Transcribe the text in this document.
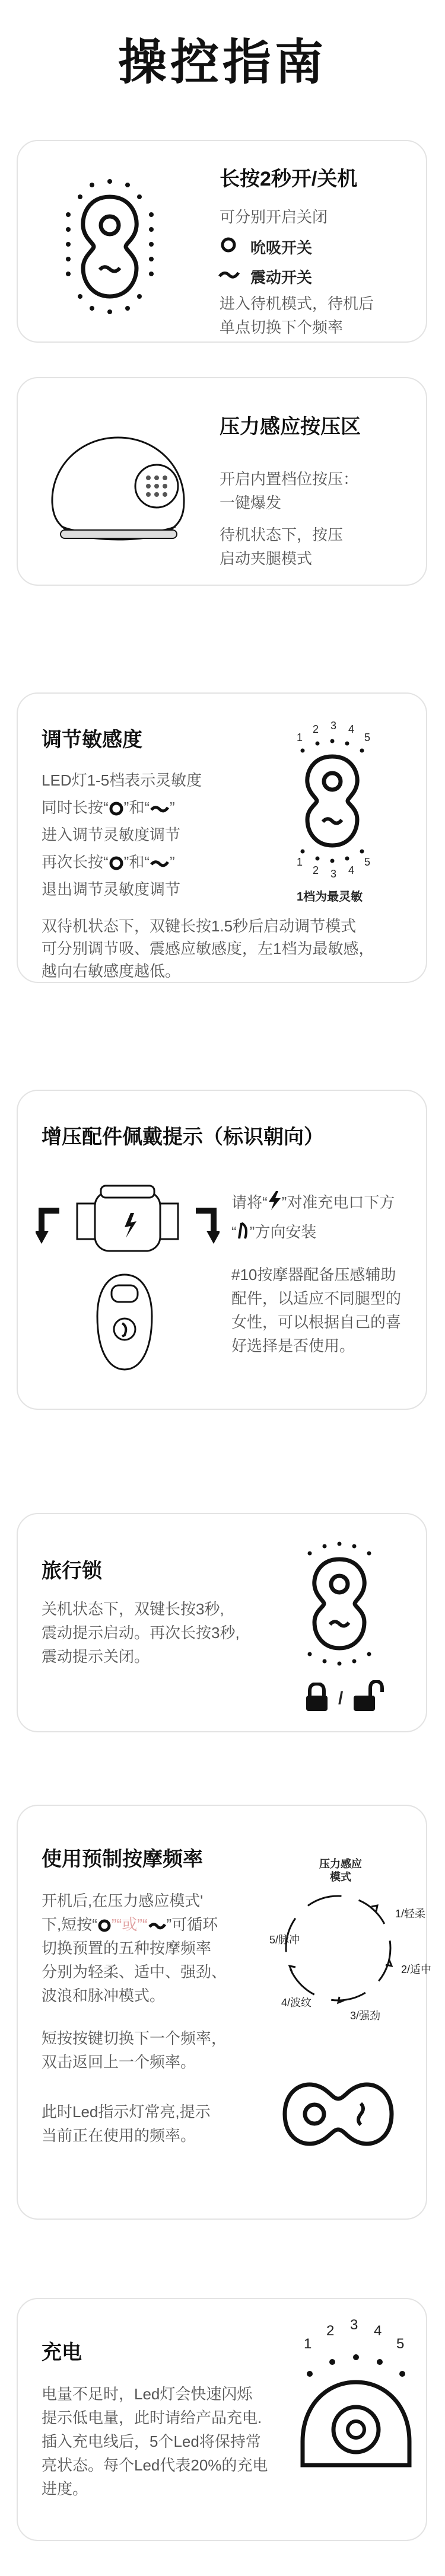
操控指南
长按2秒开/关机
可分别开启关闭
吮吸开关
震动开关
进入待机模式，待机后
单点切换下个频率
压力感应按压区
开启内置档位按压：
一键爆发
待机状态下，按压
启动夹腿模式
调节敏感度
LED灯1-5档表示灵敏度
同时长按“ ”和“ ”
进入调节灵敏度调节
再次长按“ ”和“ ”
退出调节灵敏度调节
1
2 3 4
5
1
2 3 4
5
1档为最灵敏
双待机状态下，双键长按1.5秒后启动调节模式
可分别调节吸、震感应敏感度，左1档为最敏感，
越向右敏感度越低。
增压配件佩戴提示（标识朝向）
请将“ ”对准充电口下方
“ ”方向安装
#10按摩器配备压感辅助
配件，以适应不同腿型的
女性，可以根据自己的喜
好选择是否使用。
旅行锁
关机状态下，双键长按3秒,
震动提示启动。再次长按3秒,
震动提示关闭。
/
使用预制按摩频率
开机后,在压力感应模式'
下,短按“ ”“或”“ ”可循环
切换预置的五种按摩频率
分别为轻柔、适中、强劲、
波浪和脉冲模式。
短按按键切换下一个频率，
双击返回上一个频率。
此时Led指示灯常亮,提示
当前正在使用的频率。
压力感应
模式
1/轻柔
2/适中
3/强劲
4/波纹
5/脉冲
充电
电量不足时，Led灯会快速闪烁
提示低电量，此时请给产品充电.
插入充电线后，5个Led将保持常
亮状态。每个Led代表20%的充电
进度。
1
2 3 4
5
